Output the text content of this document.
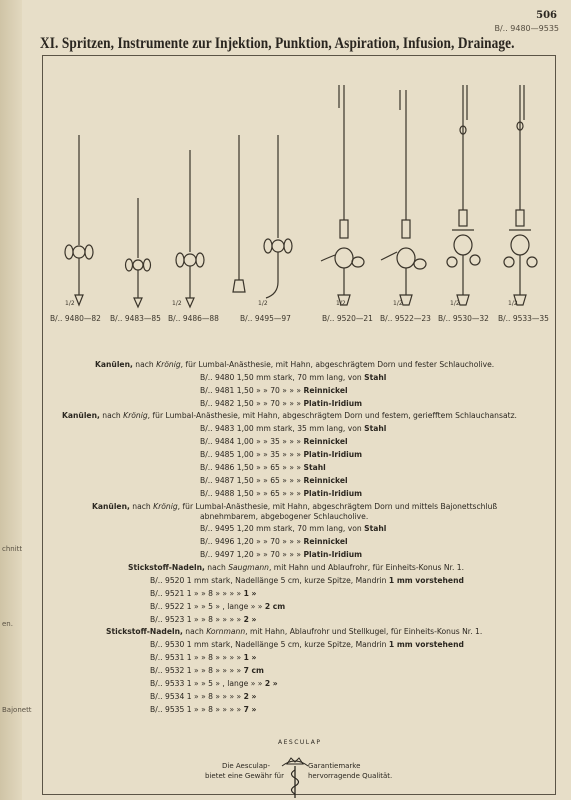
chnitt
en.
Bajonett
506
B/.. 9480—9535
XI. Spritzen, Instrumente zur Injektion, Punktion, Aspiration, Infusion, Drainage.
1/2	1/2	1/2	1/2	1/2	1/2	1/2
B/.. 9480—82 B/.. 9483—85 B/.. 9486—88	B/.. 9495—97	B/.. 9520—21 B/.. 9522—23 B/.. 9530—32 B/.. 9533—35
Kanülen, nach Krönig, für Lumbal-Anästhesie, mit Hahn, abgeschrägtem Dorn und fester Schlaucholive.
B/.. 9480 1,50 mm stark, 70 mm lang, von Stahl
B/.. 9481 1,50 » » 70 » » » Reinnickel
B/.. 9482 1,50 » » 70 » » » Platin-Iridium
Kanülen, nach Krönig, für Lumbal-Anästhesie, mit Hahn, abgeschrägtem Dorn und festem, geriefftem Schlauchansatz.
B/.. 9483 1,00 mm stark, 35 mm lang, von Stahl
B/.. 9484 1,00 » » 35 » » » Reinnickel
B/.. 9485 1,00 » » 35 » » » Platin-Iridium
B/.. 9486 1,50 » » 65 » » » Stahl
B/.. 9487 1,50 » » 65 » » » Reinnickel
B/.. 9488 1,50 » » 65 » » » Platin-Iridium
Kanülen, nach Krönig, für Lumbal-Anästhesie, mit Hahn, abgeschrägtem Dorn und mittels Bajonettschluß
abnehmbarem, abgebogener Schlaucholive.
B/.. 9495 1,20 mm stark, 70 mm lang, von Stahl
B/.. 9496 1,20 » » 70 » » » Reinnickel
B/.. 9497 1,20 » » 70 » » » Platin-Iridium
Stickstoff-Nadeln, nach Saugmann, mit Hahn und Ablaufrohr, für Einheits-Konus Nr. 1.
B/.. 9520 1 mm stark, Nadellänge 5 cm, kurze Spitze, Mandrin 1 mm vorstehend
B/.. 9521 1 » » 8 » » » » 1 »
B/.. 9522 1 » » 5 » , lange » » 2 cm
B/.. 9523 1 » » 8 » » » » 2 »
Stickstoff-Nadeln, nach Kornmann, mit Hahn, Ablaufrohr und Stellkugel, für Einheits-Konus Nr. 1.
B/.. 9530 1 mm stark, Nadellänge 5 cm, kurze Spitze, Mandrin 1 mm vorstehend
B/.. 9531 1 » » 8 » » » » 1 »
B/.. 9532 1 » » 8 » » » » 7 cm
B/.. 9533 1 » » 5 » , lange » » 2 »
B/.. 9534 1 » » 8 » » » » 2 »
B/.. 9535 1 » » 8 » » » » 7 »
AESCULAP
Die Aesculap-
bietet eine Gewähr für
Garantiemarke
hervorragende Qualität.
